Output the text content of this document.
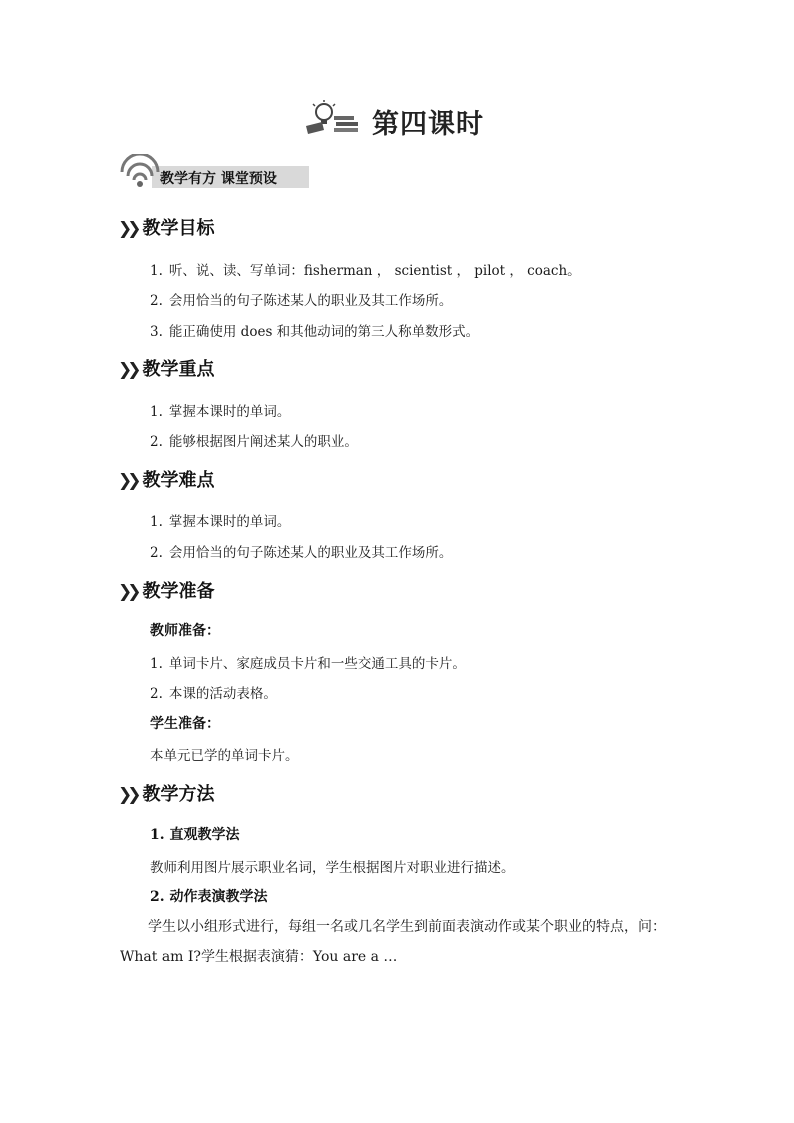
第四课时
教学有方 课堂预设
❯❯ 教学目标
1. 听、说、读、写单词：fisherman ， scientist ， pilot ， coach。
2. 会用恰当的句子陈述某人的职业及其工作场所。
3. 能正确使用 does 和其他动词的第三人称单数形式。
❯❯ 教学重点
1. 掌握本课时的单词。
2. 能够根据图片阐述某人的职业。
❯❯ 教学难点
1. 掌握本课时的单词。
2. 会用恰当的句子陈述某人的职业及其工作场所。
❯❯ 教学准备
教师准备：
1. 单词卡片、家庭成员卡片和一些交通工具的卡片。
2. 本课的活动表格。
学生准备：
本单元已学的单词卡片。
❯❯ 教学方法
1. 直观教学法
教师利用图片展示职业名词，学生根据图片对职业进行描述。
2. 动作表演教学法
学生以小组形式进行，每组一名或几名学生到前面表演动作或某个职业的特点，问：What am I?学生根据表演猜：You are a …
